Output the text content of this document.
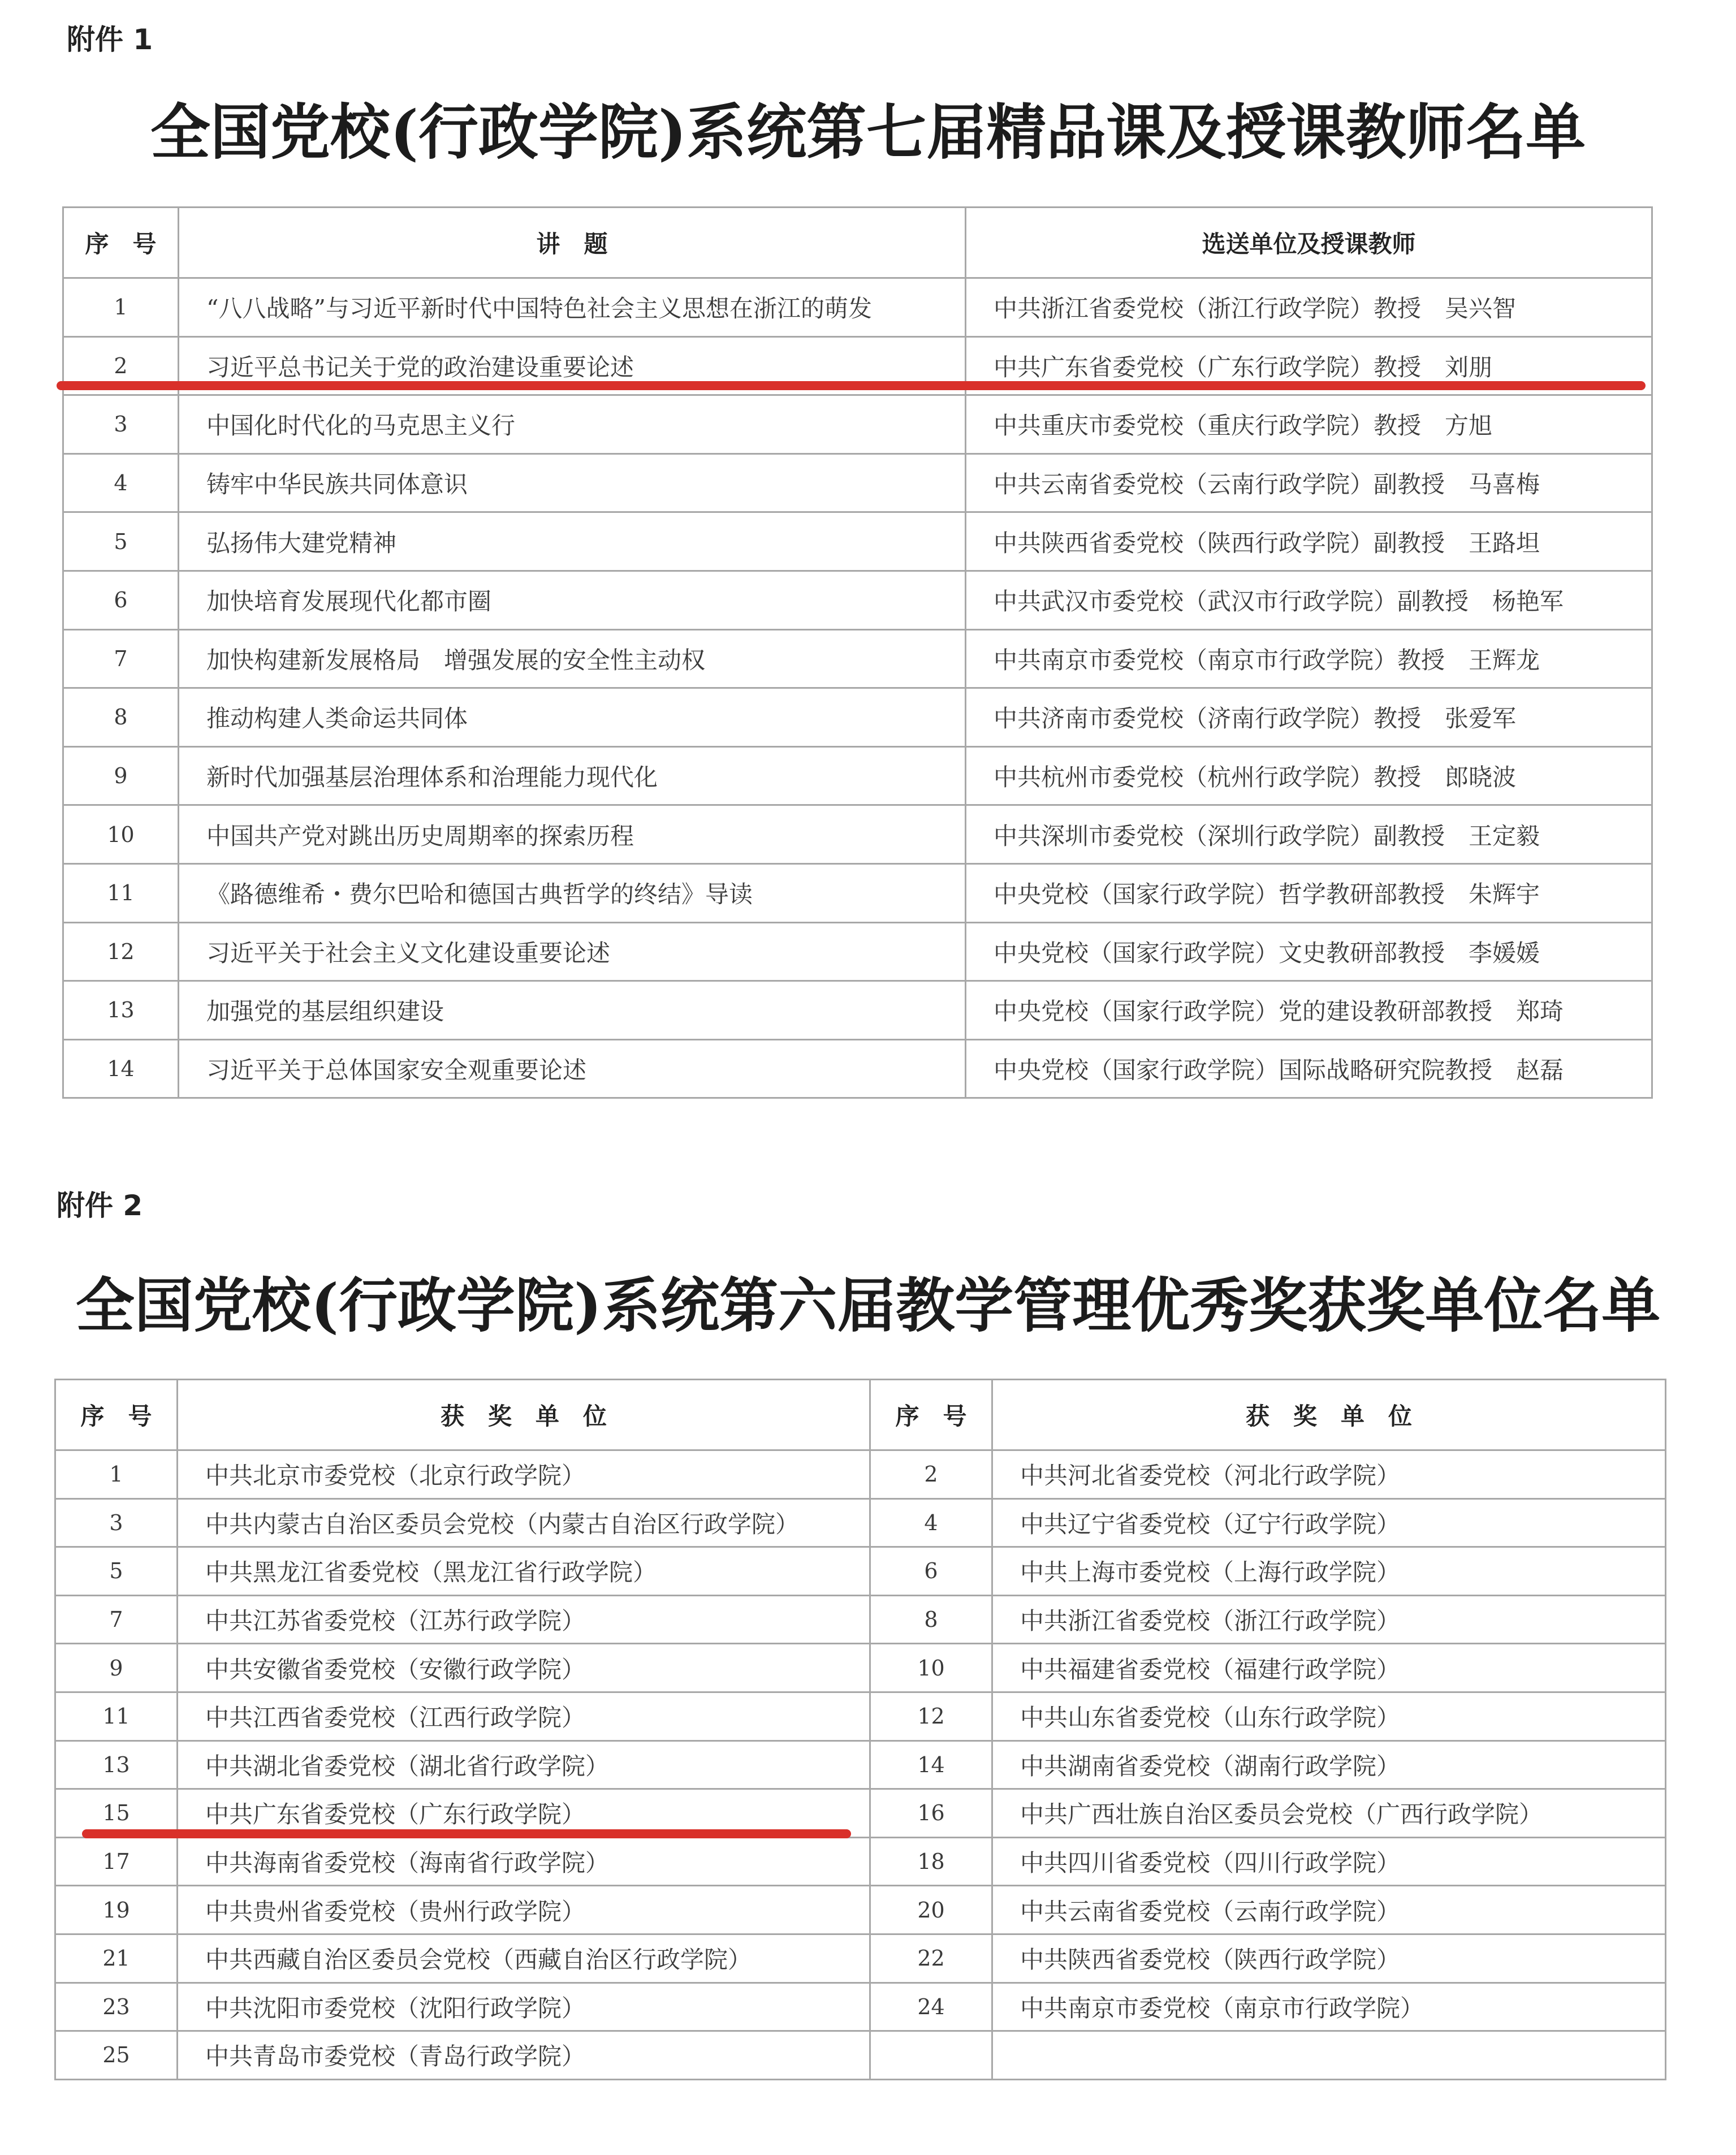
附件 1
全国党校(行政学院)系统第七届精品课及授课教师名单
序　号	讲　题	选送单位及授课教师
1	“八八战略”与习近平新时代中国特色社会主义思想在浙江的萌发	中共浙江省委党校（浙江行政学院）教授　吴兴智
2	习近平总书记关于党的政治建设重要论述	中共广东省委党校（广东行政学院）教授　刘朋
3	中国化时代化的马克思主义行	中共重庆市委党校（重庆行政学院）教授　方旭
4	铸牢中华民族共同体意识	中共云南省委党校（云南行政学院）副教授　马喜梅
5	弘扬伟大建党精神	中共陕西省委党校（陕西行政学院）副教授　王路坦
6	加快培育发展现代化都市圈	中共武汉市委党校（武汉市行政学院）副教授　杨艳军
7	加快构建新发展格局　增强发展的安全性主动权	中共南京市委党校（南京市行政学院）教授　王辉龙
8	推动构建人类命运共同体	中共济南市委党校（济南行政学院）教授　张爱军
9	新时代加强基层治理体系和治理能力现代化	中共杭州市委党校（杭州行政学院）教授　郎晓波
10	中国共产党对跳出历史周期率的探索历程	中共深圳市委党校（深圳行政学院）副教授　王定毅
11	《路德维希・费尔巴哈和德国古典哲学的终结》导读	中央党校（国家行政学院）哲学教研部教授　朱辉宇
12	习近平关于社会主义文化建设重要论述	中央党校（国家行政学院）文史教研部教授　李媛媛
13	加强党的基层组织建设	中央党校（国家行政学院）党的建设教研部教授　郑琦
14	习近平关于总体国家安全观重要论述	中央党校（国家行政学院）国际战略研究院教授　赵磊
附件 2
全国党校(行政学院)系统第六届教学管理优秀奖获奖单位名单
序　号	获　奖　单　位	序　号	获　奖　单　位
1	中共北京市委党校（北京行政学院）	2	中共河北省委党校（河北行政学院）
3	中共内蒙古自治区委员会党校（内蒙古自治区行政学院）	4	中共辽宁省委党校（辽宁行政学院）
5	中共黑龙江省委党校（黑龙江省行政学院）	6	中共上海市委党校（上海行政学院）
7	中共江苏省委党校（江苏行政学院）	8	中共浙江省委党校（浙江行政学院）
9	中共安徽省委党校（安徽行政学院）	10	中共福建省委党校（福建行政学院）
11	中共江西省委党校（江西行政学院）	12	中共山东省委党校（山东行政学院）
13	中共湖北省委党校（湖北省行政学院）	14	中共湖南省委党校（湖南行政学院）
15	中共广东省委党校（广东行政学院）	16	中共广西壮族自治区委员会党校（广西行政学院）
17	中共海南省委党校（海南省行政学院）	18	中共四川省委党校（四川行政学院）
19	中共贵州省委党校（贵州行政学院）	20	中共云南省委党校（云南行政学院）
21	中共西藏自治区委员会党校（西藏自治区行政学院）	22	中共陕西省委党校（陕西行政学院）
23	中共沈阳市委党校（沈阳行政学院）	24	中共南京市委党校（南京市行政学院）
25	中共青岛市委党校（青岛行政学院）		
